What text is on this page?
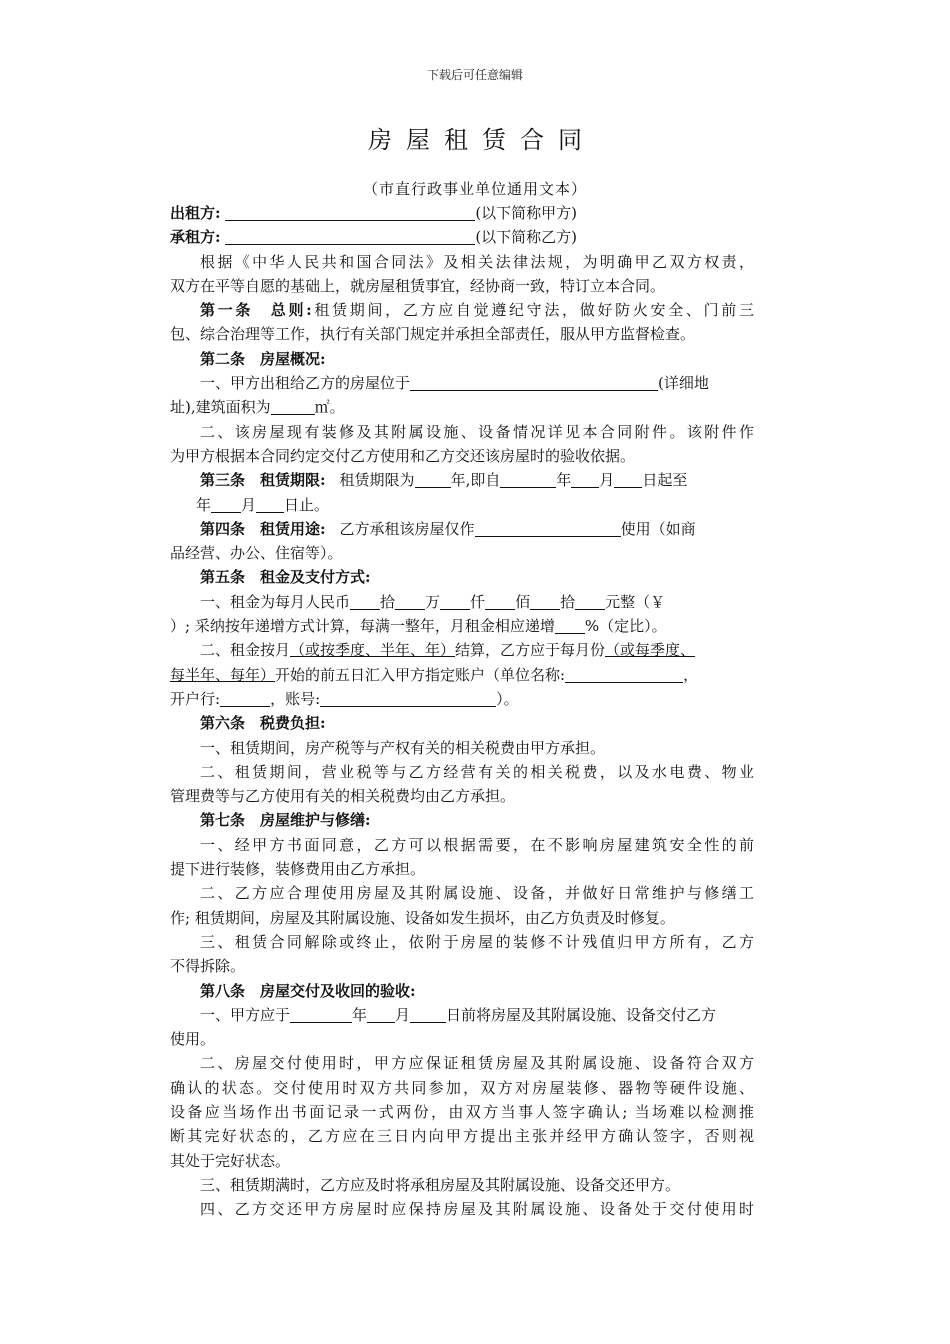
下载后可任意编辑
房屋租赁合同
（市直行政事业单位通用文本）

出租方:	(以下简称甲方)

承租方:	(以下简称乙方)

根据《中华人民共和国合同法》及相关法律法规，为明确甲乙双方权责，

双方在平等自愿的基础上，就房屋租赁事宜，经协商一致，特订立本合同。

第一条　总则:租赁期间，乙方应自觉遵纪守法，做好防火安全、门前三

包、综合治理等工作，执行有关部门规定并承担全部责任，服从甲方监督检查。

第二条　房屋概况:

一、甲方出租给乙方的房屋位于	(详细地

址),建筑面积为	㎡。

二、该房屋现有装修及其附属设施、设备情况详见本合同附件。该附件作

为甲方根据本合同约定交付乙方使用和乙方交还该房屋时的验收依据。

第三条　租赁期限: 租赁期限为 年,即自	年 月 日起至

年 月 日止。

第四条　租赁用途: 乙方承租该房屋仅作	使用（如商

品经营、办公、住宿等）。

第五条　租金及支付方式:

一、租金为每月人民币 拾 万 仟 佰 拾 元整（￥

）; 采纳按年递增方式计算，每满一整年，月租金相应递增 %（定比）。

二、租金按月（或按季度、半年、年）结算，乙方应于每月份（或每季度、

每半年、每年）开始的前五日汇入甲方指定账户（单位名称:	，

开户行:	，账号:	）。

第六条　税费负担:

一、租赁期间，房产税等与产权有关的相关税费由甲方承担。

二、租赁期间，营业税等与乙方经营有关的相关税费，以及水电费、物业

管理费等与乙方使用有关的相关税费均由乙方承担。

第七条　房屋维护与修缮:

一、经甲方书面同意，乙方可以根据需要，在不影响房屋建筑安全性的前

提下进行装修，装修费用由乙方承担。

二、乙方应合理使用房屋及其附属设施、设备，并做好日常维护与修缮工

作; 租赁期间，房屋及其附属设施、设备如发生损坏，由乙方负责及时修复。

三、租赁合同解除或终止，依附于房屋的装修不计残值归甲方所有，乙方

不得拆除。

第八条　房屋交付及收回的验收:

一、甲方应于	年 月 日前将房屋及其附属设施、设备交付乙方

使用。

二、房屋交付使用时，甲方应保证租赁房屋及其附属设施、设备符合双方

确认的状态。交付使用时双方共同参加，双方对房屋装修、器物等硬件设施、

设备应当场作出书面记录一式两份，由双方当事人签字确认; 当场难以检测推

断其完好状态的，乙方应在三日内向甲方提出主张并经甲方确认签字，否则视

其处于完好状态。

三、租赁期满时，乙方应及时将承租房屋及其附属设施、设备交还甲方。

四、乙方交还甲方房屋时应保持房屋及其附属设施、设备处于交付使用时
